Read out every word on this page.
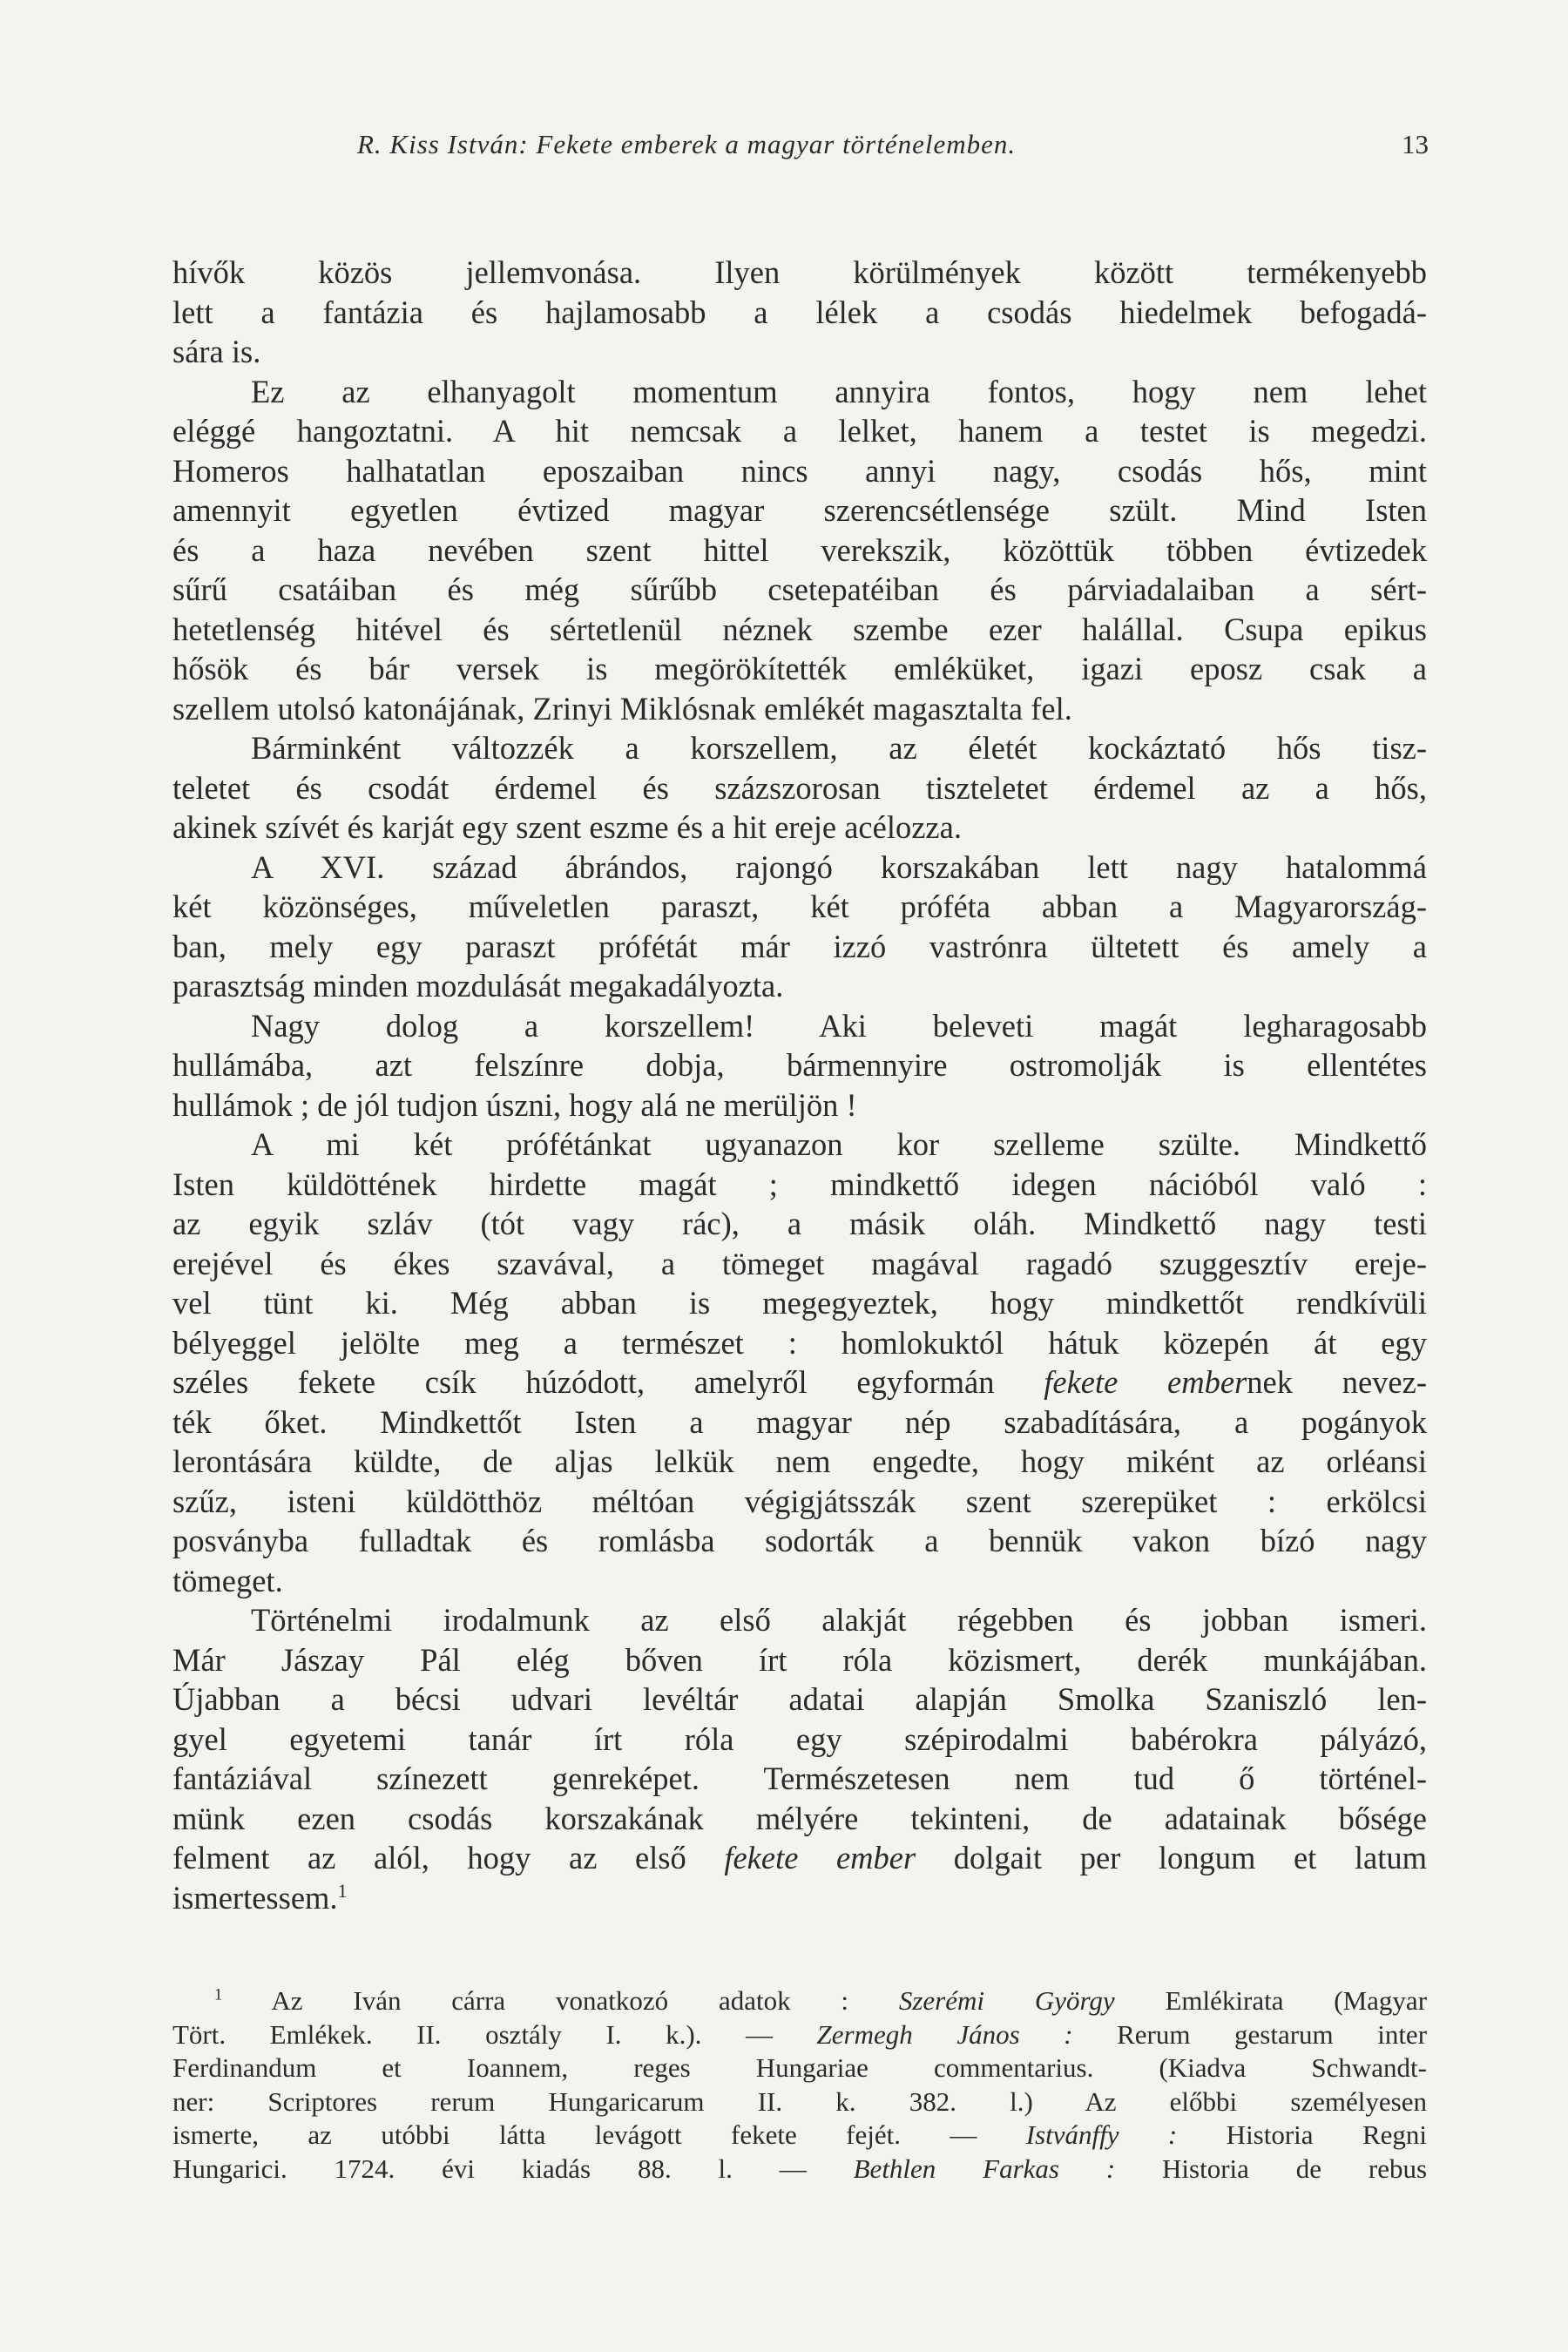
R. Kiss István: Fekete emberek a magyar történelemben.	13
hívők közös jellemvonása. Ilyen körülmények között termékenyebb
lett a fantázia és hajlamosabb a lélek a csodás hiedelmek befogadá-
sára is.
Ez az elhanyagolt momentum annyira fontos, hogy nem lehet
eléggé hangoztatni. A hit nemcsak a lelket, hanem a testet is megedzi.
Homeros halhatatlan eposzaiban nincs annyi nagy, csodás hős, mint
amennyit egyetlen évtized magyar szerencsétlensége szült. Mind Isten
és a haza nevében szent hittel verekszik, közöttük többen évtizedek
sűrű csatáiban és még sűrűbb csetepatéiban és párviadalaiban a sért-
hetetlenség hitével és sértetlenül néznek szembe ezer halállal. Csupa epikus
hősök és bár versek is megörökítették emléküket, igazi eposz csak a
szellem utolsó katonájának, Zrinyi Miklósnak emlékét magasztalta fel.
Bárminként változzék a korszellem, az életét kockáztató hős tisz-
teletet és csodát érdemel és százszorosan tiszteletet érdemel az a hős,
akinek szívét és karját egy szent eszme és a hit ereje acélozza.
A XVI. század ábrándos, rajongó korszakában lett nagy hatalommá
két közönséges, műveletlen paraszt, két próféta abban a Magyarország-
ban, mely egy paraszt prófétát már izzó vastrónra ültetett és amely a
parasztság minden mozdulását megakadályozta.
Nagy dolog a korszellem! Aki beleveti magát legharagosabb
hullámába, azt felszínre dobja, bármennyire ostromolják is ellentétes
hullámok ; de jól tudjon úszni, hogy alá ne merüljön !
A mi két prófétánkat ugyanazon kor szelleme szülte. Mindkettő
Isten küldöttének hirdette magát ; mindkettő idegen nációból való :
az egyik szláv (tót vagy rác), a másik oláh. Mindkettő nagy testi
erejével és ékes szavával, a tömeget magával ragadó szuggesztív ereje-
vel tünt ki. Még abban is megegyeztek, hogy mindkettőt rendkívüli
bélyeggel jelölte meg a természet : homlokuktól hátuk közepén át egy
széles fekete csík húzódott, amelyről egyformán fekete embernek nevez-
ték őket. Mindkettőt Isten a magyar nép szabadítására, a pogányok
lerontására küldte, de aljas lelkük nem engedte, hogy miként az orléansi
szűz, isteni küldötthöz méltóan végigjátsszák szent szerepüket : erkölcsi
posványba fulladtak és romlásba sodorták a bennük vakon bízó nagy
tömeget.
Történelmi irodalmunk az első alakját régebben és jobban ismeri.
Már Jászay Pál elég bőven írt róla közismert, derék munkájában.
Újabban a bécsi udvari levéltár adatai alapján Smolka Szaniszló len-
gyel egyetemi tanár írt róla egy szépirodalmi babérokra pályázó,
fantáziával színezett genreképet. Természetesen nem tud ő történel-
münk ezen csodás korszakának mélyére tekinteni, de adatainak bősége
felment az alól, hogy az első fekete ember dolgait per longum et latum
ismertessem.$^1$
$^1$ Az Iván cárra vonatkozó adatok : Szerémi György Emlékirata (Magyar
Tört. Emlékek. II. osztály I. k.). — Zermegh János : Rerum gestarum inter
Ferdinandum et Ioannem, reges Hungariae commentarius. (Kiadva Schwandt-
ner: Scriptores rerum Hungaricarum II. k. 382. l.) Az előbbi személyesen
ismerte, az utóbbi látta levágott fekete fejét. — Istvánffy : Historia Regni
Hungarici. 1724. évi kiadás 88. l. — Bethlen Farkas : Historia de rebus
